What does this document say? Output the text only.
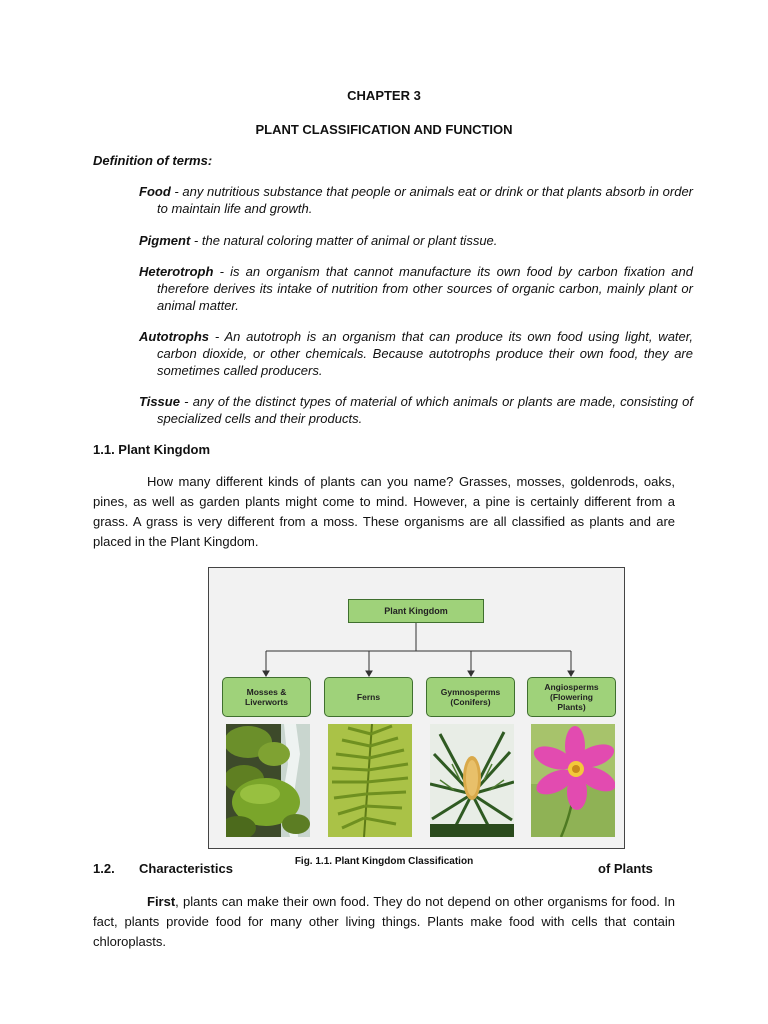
CHAPTER 3
PLANT CLASSIFICATION AND FUNCTION
Definition of terms:
Food - any nutritious substance that people or animals eat or drink or that plants absorb in order to maintain life and growth.
Pigment - the natural coloring matter of animal or plant tissue.
Heterotroph - is an organism that cannot manufacture its own food by carbon fixation and therefore derives its intake of nutrition from other sources of organic carbon, mainly plant or animal matter.
Autotrophs - An autotroph is an organism that can produce its own food using light, water, carbon dioxide, or other chemicals. Because autotrophs produce their own food, they are sometimes called producers.
Tissue - any of the distinct types of material of which animals or plants are made, consisting of specialized cells and their products.
1.1. Plant Kingdom
How many different kinds of plants can you name? Grasses, mosses, goldenrods, oaks, pines, as well as garden plants might come to mind. However, a pine is certainly different from a grass. A grass is very different from a moss. These organisms are all classified as plants and are placed in the Plant Kingdom.
Plant Kingdom
Mosses &
Liverworts	Ferns	Gymnosperms
(Conifers)
Angiosperms
(Flowering
Plants)
Fig. 1.1. Plant Kingdom Classification
1.2. Characteristics	of Plants
First, plants can make their own food. They do not depend on other organisms for food. In fact, plants provide food for many other living things. Plants make food with cells that contain chloroplasts.
